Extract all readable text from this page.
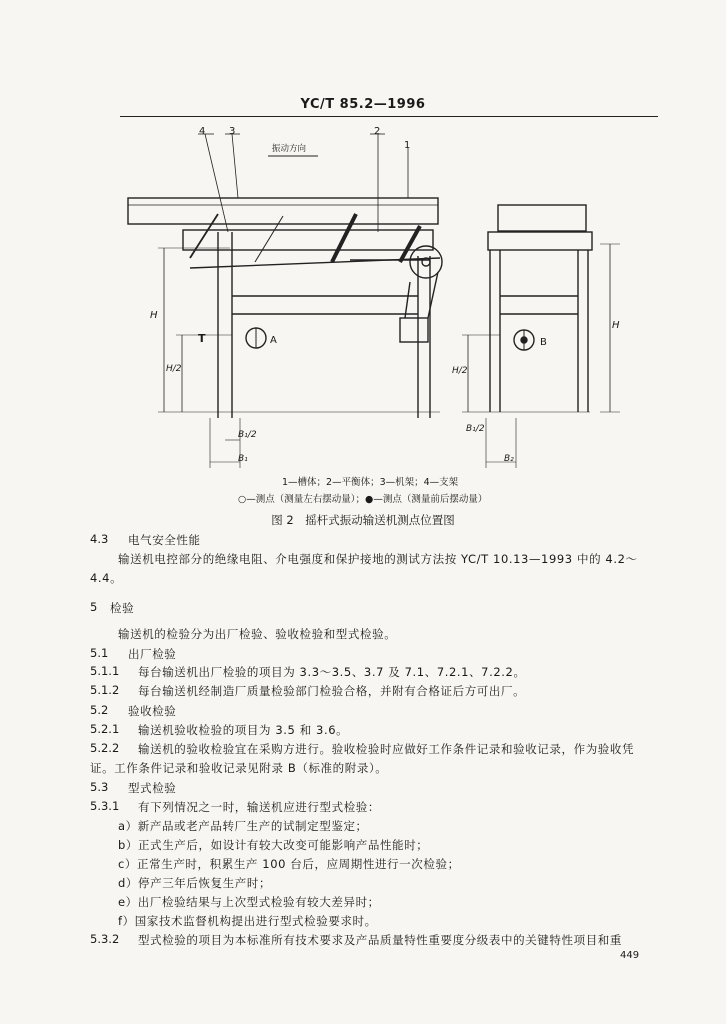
YC/T 85.2—1996
4 3	2
1
振动方向
H
H/2
T	A
B₁/2
B₁
B
H
H/2
B₁/2
B₂
1—槽体；2—平衡体；3—机架；4—支架
○—测点（测量左右摆动量）；●—测点（测量前后摆动量）
图 2　摇杆式振动输送机测点位置图
4.3 电气安全性能
输送机电控部分的绝缘电阻、介电强度和保护接地的测试方法按 YC/T 10.13—1993 中的 4.2～
4.4。
5 检验
输送机的检验分为出厂检验、验收检验和型式检验。
5.1 出厂检验
5.1.1 每台输送机出厂检验的项目为 3.3～3.5、3.7 及 7.1、7.2.1、7.2.2。
5.1.2 每台输送机经制造厂质量检验部门检验合格，并附有合格证后方可出厂。
5.2 验收检验
5.2.1 输送机验收检验的项目为 3.5 和 3.6。
5.2.2 输送机的验收检验宜在采购方进行。验收检验时应做好工作条件记录和验收记录，作为验收凭
证。工作条件记录和验收记录见附录 B（标准的附录）。
5.3 型式检验
5.3.1 有下列情况之一时，输送机应进行型式检验：
a）新产品或老产品转厂生产的试制定型鉴定；
b）正式生产后，如设计有较大改变可能影响产品性能时；
c）正常生产时，积累生产 100 台后，应周期性进行一次检验；
d）停产三年后恢复生产时；
e）出厂检验结果与上次型式检验有较大差异时；
f）国家技术监督机构提出进行型式检验要求时。
5.3.2 型式检验的项目为本标准所有技术要求及产品质量特性重要度分级表中的关键特性项目和重
449
